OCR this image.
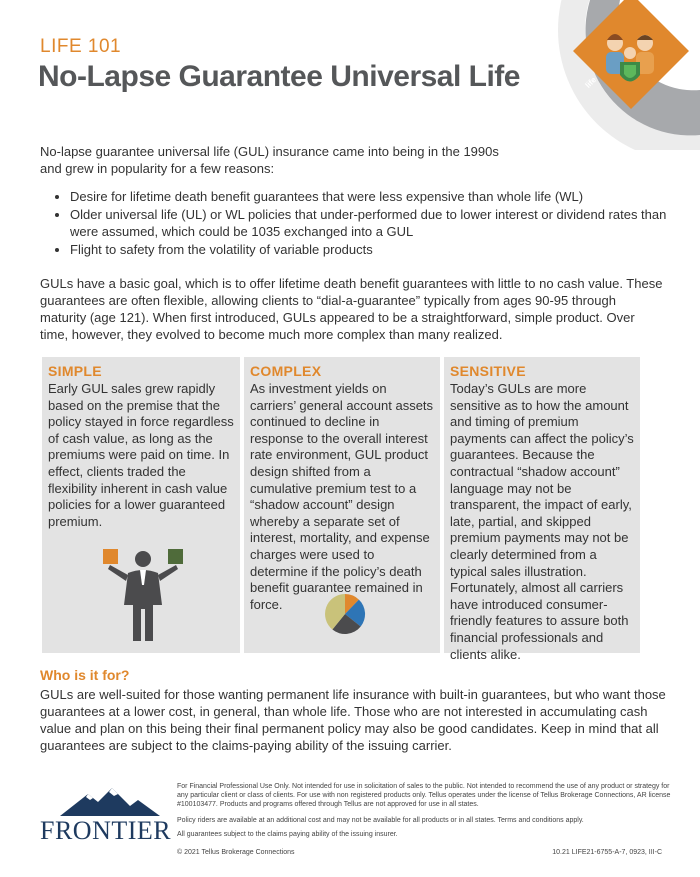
life
LIFE 101
No-Lapse Guarantee Universal Life
No-lapse guarantee universal life (GUL) insurance came into being in the 1990s and grew in popularity for a few reasons:
• Desire for lifetime death benefit guarantees that were less expensive than whole life (WL)
• Older universal life (UL) or WL policies that under-performed due to lower interest or dividend rates than were assumed, which could be 1035 exchanged into a GUL
• Flight to safety from the volatility of variable products
GULs have a basic goal, which is to offer lifetime death benefit guarantees with little to no cash value. These guarantees are often flexible, allowing clients to “dial-a-guarantee” typically from ages 90-95 through maturity (age 121). When first introduced, GULs appeared to be a straightforward, simple product. Over time, however, they evolved to become much more complex than many realized.
SIMPLE
Early GUL sales grew rapidly based on the premise that the policy stayed in force regardless of cash value, as long as the premiums were paid on time. In effect, clients traded the flexibility inherent in cash value policies for a lower guaranteed premium.
COMPLEX
As investment yields on carriers’ general account assets continued to decline in response to the overall interest rate environment, GUL product design shifted from a cumulative premium test to a “shadow account” design whereby a separate set of interest, mortality, and expense charges were used to determine if the policy’s death benefit guarantee remained in force.
SENSITIVE
Today’s GULs are more sensitive as to how the amount and timing of premium payments can affect the policy’s guarantees. Because the contractual “shadow account” language may not be transparent, the impact of early, late, partial, and skipped premium payments may not be clearly determined from a typical sales illustration. Fortunately, almost all carriers have introduced consumer-friendly features to assure both financial professionals and clients alike.
Who is it for?
GULs are well-suited for those wanting permanent life insurance with built-in guarantees, but who want those guarantees at a lower cost, in general, than whole life. Those who are not interested in accumulating cash value and plan on this being their final permanent policy may also be good candidates. Keep in mind that all guarantees are subject to the claims-paying ability of the issuing carrier.
FRONTIER
For Financial Professional Use Only. Not intended for use in solicitation of sales to the public. Not intended to recommend the use of any product or strategy for any particular client or class of clients. For use with non registered products only. Tellus operates under the license of Tellus Brokerage Connections, AR license #100103477. Products and programs offered through Tellus are not approved for use in all states.
Policy riders are available at an additional cost and may not be available for all products or in all states. Terms and conditions apply.
All guarantees subject to the claims paying ability of the issuing insurer.
© 2021 Tellus Brokerage Connections	10.21 LIFE21-6755-A-7, 0923, III-C
